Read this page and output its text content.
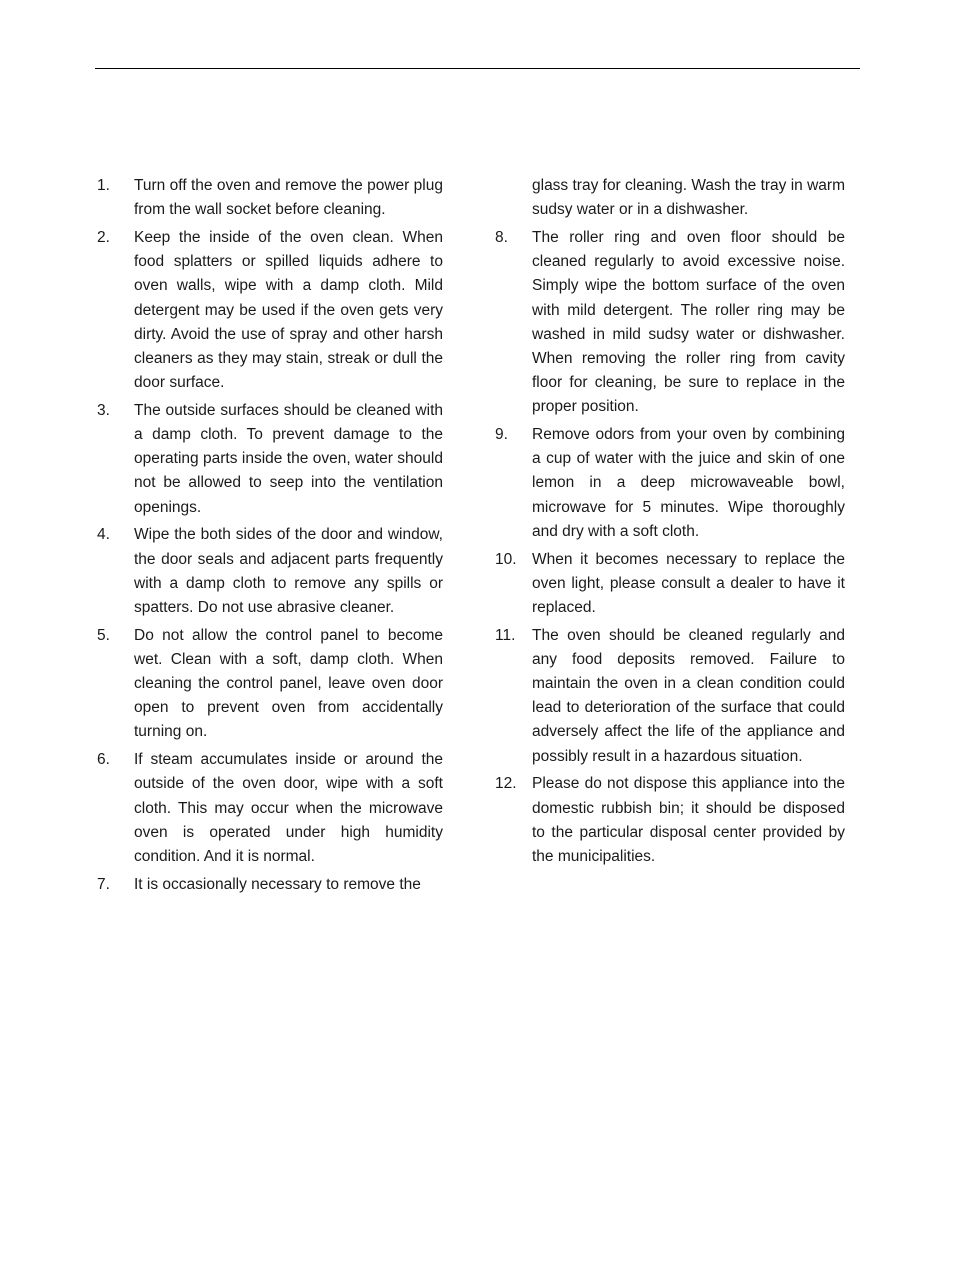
1. Turn off the oven and remove the power plug from the wall socket before cleaning.
2. Keep the inside of the oven clean. When food splatters or spilled liquids adhere to oven walls, wipe with a damp cloth. Mild detergent may be used if the oven gets very dirty. Avoid the use of spray and other harsh cleaners as they may stain, streak or dull the door surface.
3. The outside surfaces should be cleaned with a damp cloth. To prevent damage to the operating parts inside the oven, water should not be allowed to seep into the ventilation openings.
4. Wipe the both sides of the door and window, the door seals and adjacent parts frequently with a damp cloth to remove any spills or spatters. Do not use abrasive cleaner.
5. Do not allow the control panel to become wet. Clean with a soft, damp cloth. When cleaning the control panel, leave oven door open to prevent oven from accidentally turning on.
6. If steam accumulates inside or around the outside of the oven door, wipe with a soft cloth. This may occur when the microwave oven is operated under high humidity condition. And it is normal.
7. It is occasionally necessary to remove the
glass tray for cleaning. Wash the tray in warm sudsy water or in a dishwasher.
8. The roller ring and oven floor should be cleaned regularly to avoid excessive noise. Simply wipe the bottom surface of the oven with mild detergent. The roller ring may be washed in mild sudsy water or dishwasher. When removing the roller ring from cavity floor for cleaning, be sure to replace in the proper position.
9. Remove odors from your oven by combining a cup of water with the juice and skin of one lemon in a deep microwaveable bowl, microwave for 5 minutes. Wipe thoroughly and dry with a soft cloth.
10. When it becomes necessary to replace the oven light, please consult a dealer to have it replaced.
11. The oven should be cleaned regularly and any food deposits removed. Failure to maintain the oven in a clean condition could lead to deterioration of the surface that could adversely affect the life of the appliance and possibly result in a hazardous situation.
12. Please do not dispose this appliance into the domestic rubbish bin; it should be disposed to the particular disposal center provided by the municipalities.
